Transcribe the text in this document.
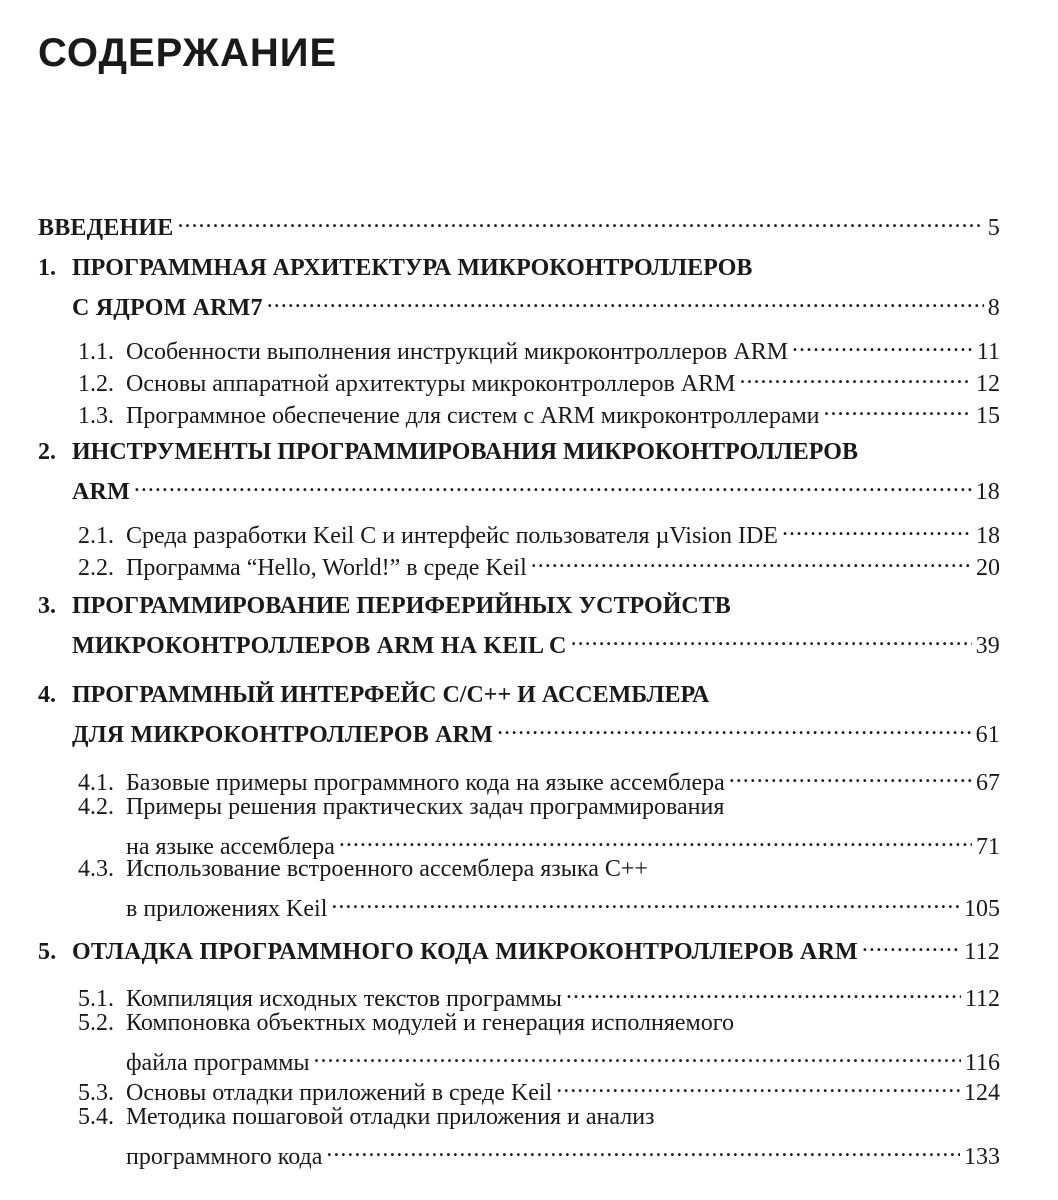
СОДЕРЖАНИЕ
ВВЕДЕНИЕ .....	5
1. ПРОГРАММНАЯ АРХИТЕКТУРА МИКРОКОНТРОЛЛЕРОВ
С ЯДРОМ ARM7 .....	8
1.1. Особенности выполнения инструкций микроконтроллеров ARM .....	11
1.2. Основы аппаратной архитектуры микроконтроллеров ARM .....	12
1.3. Программное обеспечение для систем с ARM микроконтроллерами .....	15
2. ИНСТРУМЕНТЫ ПРОГРАММИРОВАНИЯ МИКРОКОНТРОЛЛЕРОВ
ARM .....	18
2.1. Среда разработки Keil C и интерфейс пользователя µVision IDE .....	18
2.2. Программа “Hello, World!” в среде Keil .....	20
3. ПРОГРАММИРОВАНИЕ ПЕРИФЕРИЙНЫХ УСТРОЙСТВ
МИКРОКОНТРОЛЛЕРОВ ARM НА KEIL C .....	39
4. ПРОГРАММНЫЙ ИНТЕРФЕЙС С/С++ И АССЕМБЛЕРА
ДЛЯ МИКРОКОНТРОЛЛЕРОВ ARM .....	61
4.1. Базовые примеры программного кода на языке ассемблера .....	67
4.2. Примеры решения практических задач программирования
на языке ассемблера .....	71
4.3. Использование встроенного ассемблера языка С++
в приложениях Keil .....	105
5. ОТЛАДКА ПРОГРАММНОГО КОДА МИКРОКОНТРОЛЛЕРОВ ARM .....	112
5.1. Компиляция исходных текстов программы .....	112
5.2. Компоновка объектных модулей и генерация исполняемого
файла программы .....	116
5.3. Основы отладки приложений в среде Keil .....	124
5.4. Методика пошаговой отладки приложения и анализ
программного кода .....	133
